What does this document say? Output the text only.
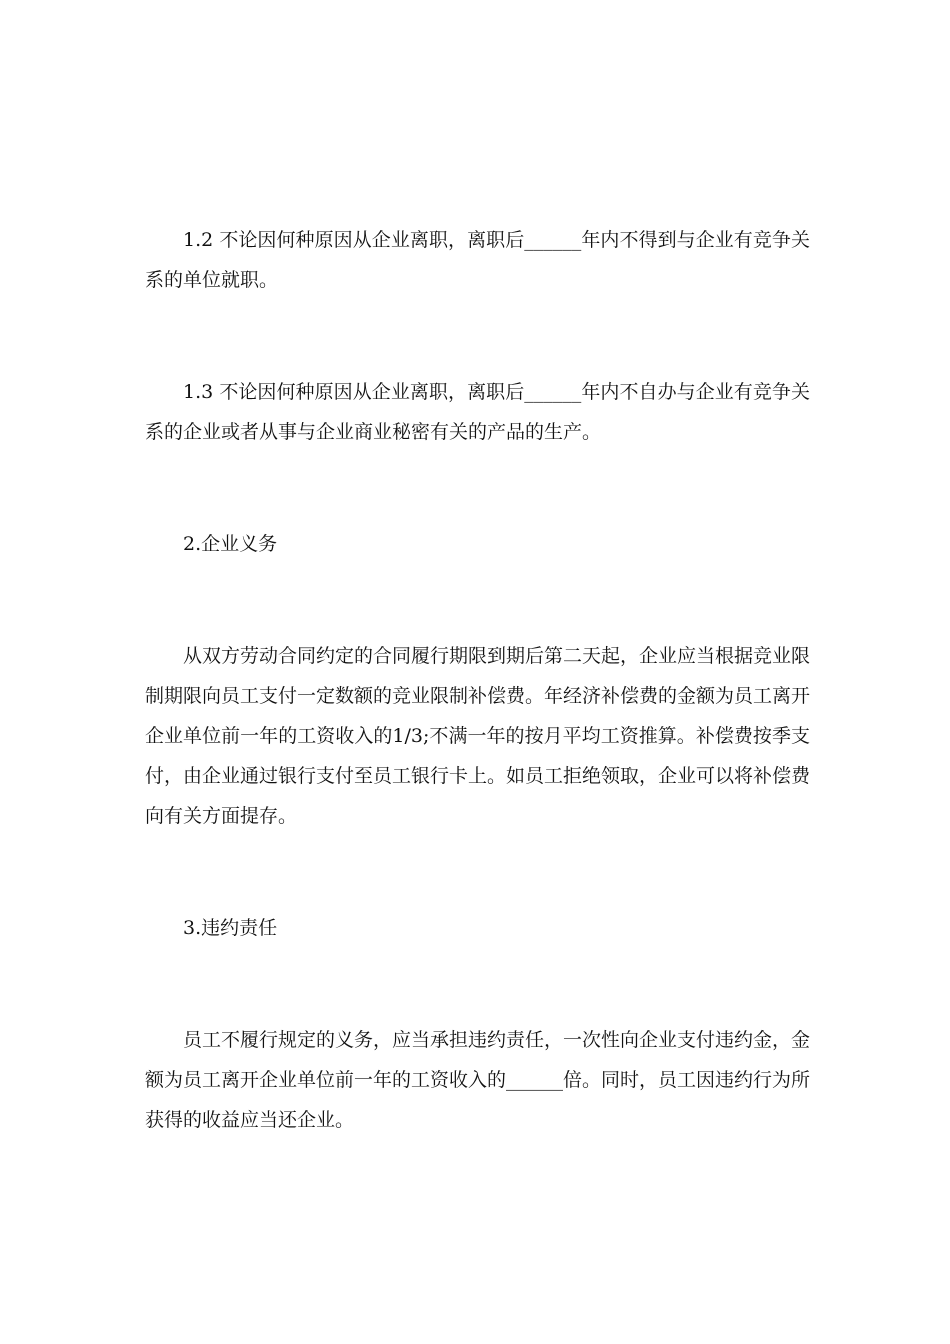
1.2 不论因何种原因从企业离职，离职后______年内不得到与企业有竞争关系的单位就职。

1.3 不论因何种原因从企业离职，离职后______年内不自办与企业有竞争关系的企业或者从事与企业商业秘密有关的产品的生产。

2.企业义务

从双方劳动合同约定的合同履行期限到期后第二天起，企业应当根据竞业限制期限向员工支付一定数额的竞业限制补偿费。年经济补偿费的金额为员工离开企业单位前一年的工资收入的1/3;不满一年的按月平均工资推算。补偿费按季支付，由企业通过银行支付至员工银行卡上。如员工拒绝领取，企业可以将补偿费向有关方面提存。

3.违约责任

员工不履行规定的义务，应当承担违约责任，一次性向企业支付违约金，金额为员工离开企业单位前一年的工资收入的______倍。同时，员工因违约行为所获得的收益应当还企业。
